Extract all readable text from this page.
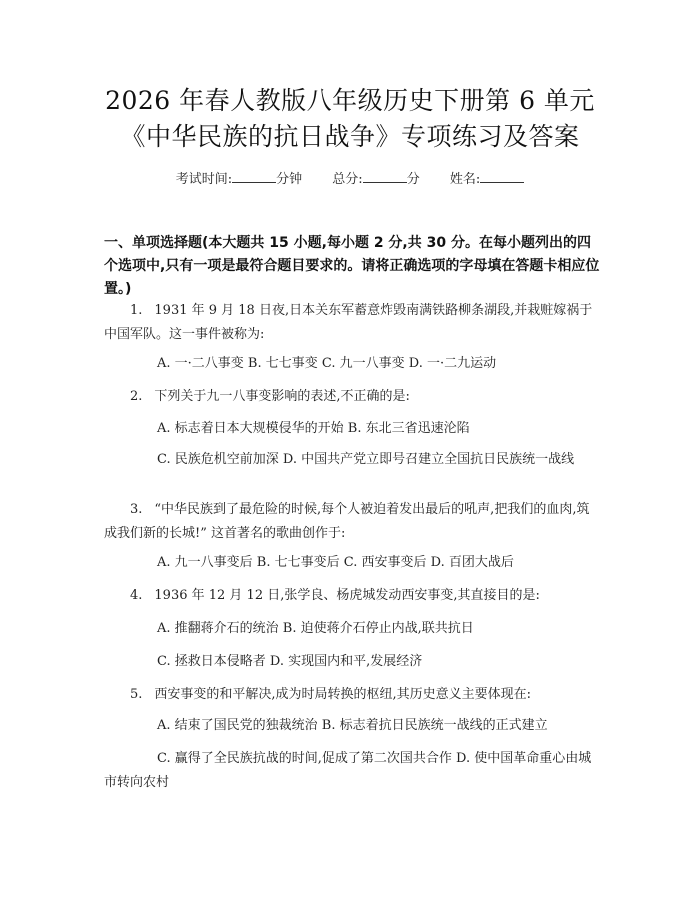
2026 年春人教版八年级历史下册第 6 单元
《中华民族的抗日战争》专项练习及答案
考试时间:	分钟 总分:	分 姓名:
一、单项选择题(本大题共 15 小题,每小题 2 分,共 30 分。在每小题列出的四个选项中,只有一项是最符合题目要求的。请将正确选项的字母填在答题卡相应位置。)
1. 1931 年 9 月 18 日夜,日本关东军蓄意炸毁南满铁路柳条湖段,并栽赃嫁祸于中国军队。这一事件被称为:
A. 一·二八事变 B. 七七事变 C. 九一八事变 D. 一·二九运动
2. 下列关于九一八事变影响的表述,不正确的是:
A. 标志着日本大规模侵华的开始 B. 东北三省迅速沦陷
C. 民族危机空前加深 D. 中国共产党立即号召建立全国抗日民族统一战线
3. “中华民族到了最危险的时候,每个人被迫着发出最后的吼声,把我们的血肉,筑成我们新的长城!” 这首著名的歌曲创作于:
A. 九一八事变后 B. 七七事变后 C. 西安事变后 D. 百团大战后
4. 1936 年 12 月 12 日,张学良、杨虎城发动西安事变,其直接目的是:
A. 推翻蒋介石的统治 B. 迫使蒋介石停止内战,联共抗日
C. 拯救日本侵略者 D. 实现国内和平,发展经济
5. 西安事变的和平解决,成为时局转换的枢纽,其历史意义主要体现在:
A. 结束了国民党的独裁统治 B. 标志着抗日民族统一战线的正式建立
C. 赢得了全民族抗战的时间,促成了第二次国共合作 D. 使中国革命重心由城市转向农村
